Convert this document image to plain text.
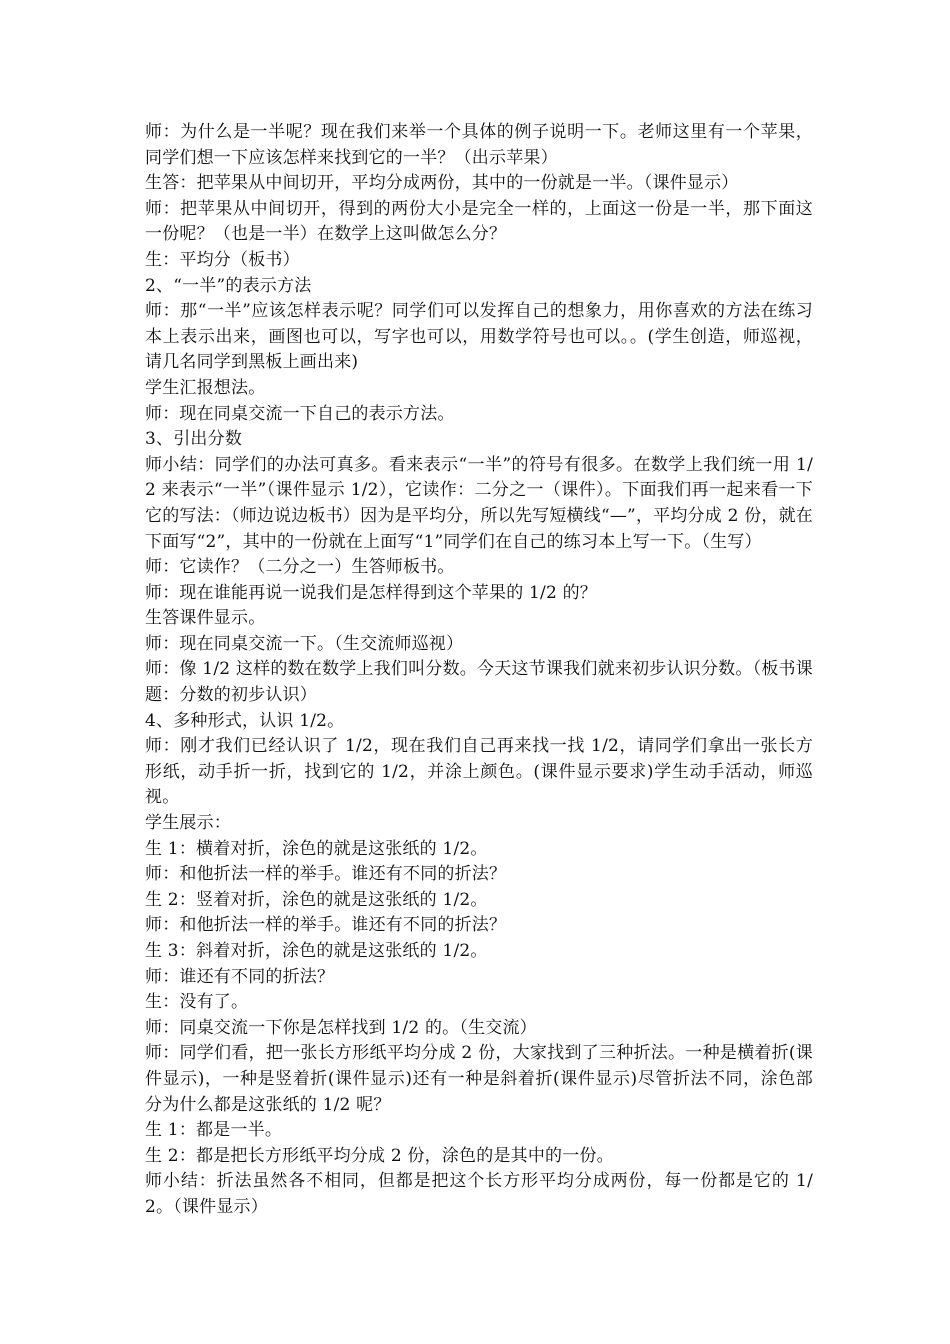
师：为什么是一半呢？现在我们来举一个具体的例子说明一下。老师这里有一个苹果，同学们想一下应该怎样来找到它的一半？（出示苹果）

生答：把苹果从中间切开，平均分成两份，其中的一份就是一半。（课件显示）

师：把苹果从中间切开，得到的两份大小是完全一样的，上面这一份是一半，那下面这一份呢？（也是一半）在数学上这叫做怎么分？

生：平均分（板书）

2、“一半”的表示方法

师：那“一半”应该怎样表示呢？同学们可以发挥自己的想象力，用你喜欢的方法在练习本上表示出来，画图也可以，写字也可以，用数学符号也可以。。(学生创造，师巡视，请几名同学到黑板上画出来)

学生汇报想法。

师：现在同桌交流一下自己的表示方法。

3、引出分数

师小结：同学们的办法可真多。看来表示“一半”的符号有很多。在数学上我们统一用 1/2 来表示“一半”（课件显示 1/2），它读作：二分之一（课件）。下面我们再一起来看一下它的写法：（师边说边板书）因为是平均分，所以先写短横线“—”，平均分成 2 份，就在下面写“2”，其中的一份就在上面写“1”同学们在自己的练习本上写一下。（生写）

师：它读作？（二分之一）生答师板书。

师：现在谁能再说一说我们是怎样得到这个苹果的 1/2 的？

生答课件显示。

师：现在同桌交流一下。（生交流师巡视）

师：像 1/2 这样的数在数学上我们叫分数。今天这节课我们就来初步认识分数。（板书课题：分数的初步认识）

4、多种形式，认识 1/2。

师：刚才我们已经认识了 1/2，现在我们自己再来找一找 1/2，请同学们拿出一张长方形纸，动手折一折，找到它的 1/2，并涂上颜色。(课件显示要求)学生动手活动，师巡视。

学生展示：

生 1：横着对折，涂色的就是这张纸的 1/2。

师：和他折法一样的举手。谁还有不同的折法？

生 2：竖着对折，涂色的就是这张纸的 1/2。

师：和他折法一样的举手。谁还有不同的折法？

生 3：斜着对折，涂色的就是这张纸的 1/2。

师：谁还有不同的折法？

生：没有了。

师：同桌交流一下你是怎样找到 1/2 的。（生交流）

师：同学们看，把一张长方形纸平均分成 2 份，大家找到了三种折法。一种是横着折(课件显示)，一种是竖着折(课件显示)还有一种是斜着折(课件显示)尽管折法不同，涂色部分为什么都是这张纸的 1/2 呢？

生 1：都是一半。

生 2：都是把长方形纸平均分成 2 份，涂色的是其中的一份。

师小结：折法虽然各不相同，但都是把这个长方形平均分成两份，每一份都是它的 1/2。（课件显示）
